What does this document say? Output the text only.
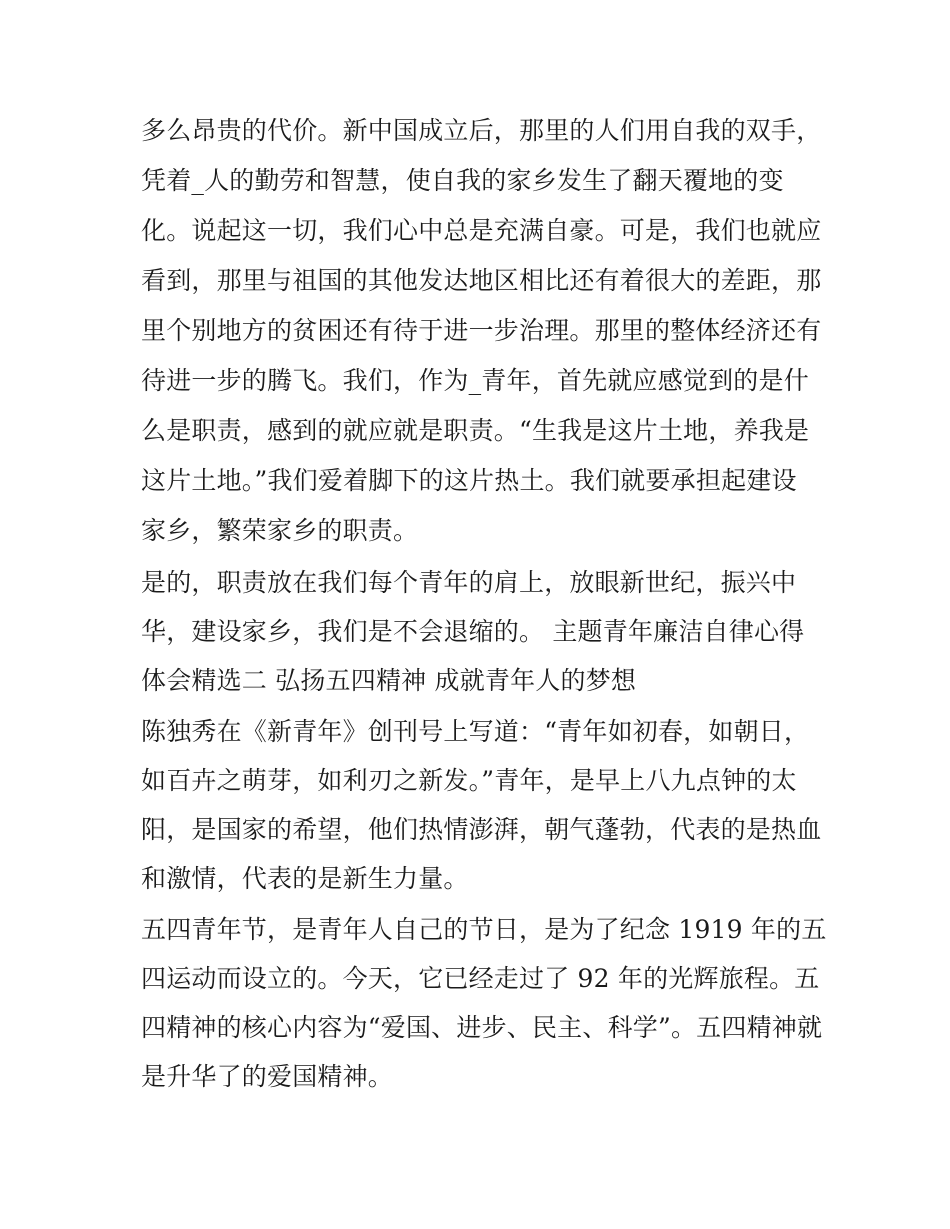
多么昂贵的代价。新中国成立后，那里的人们用自我的双手，
凭着_人的勤劳和智慧，使自我的家乡发生了翻天覆地的变
化。说起这一切，我们心中总是充满自豪。可是，我们也就应
看到，那里与祖国的其他发达地区相比还有着很大的差距，那
里个别地方的贫困还有待于进一步治理。那里的整体经济还有
待进一步的腾飞。我们，作为_青年，首先就应感觉到的是什
么是职责，感到的就应就是职责。“生我是这片土地，养我是
这片土地。”我们爱着脚下的这片热土。我们就要承担起建设
家乡，繁荣家乡的职责。
是的，职责放在我们每个青年的肩上，放眼新世纪，振兴中
华，建设家乡，我们是不会退缩的。 主题青年廉洁自律心得
体会精选二 弘扬五四精神 成就青年人的梦想
陈独秀在《新青年》创刊号上写道：“青年如初春，如朝日，
如百卉之萌芽，如利刃之新发。”青年，是早上八九点钟的太
阳，是国家的希望，他们热情澎湃，朝气蓬勃，代表的是热血
和激情，代表的是新生力量。
五四青年节，是青年人自己的节日，是为了纪念 1919 年的五
四运动而设立的。今天，它已经走过了 92 年的光辉旅程。五
四精神的核心内容为“爱国、进步、民主、科学”。五四精神就
是升华了的爱国精神。
